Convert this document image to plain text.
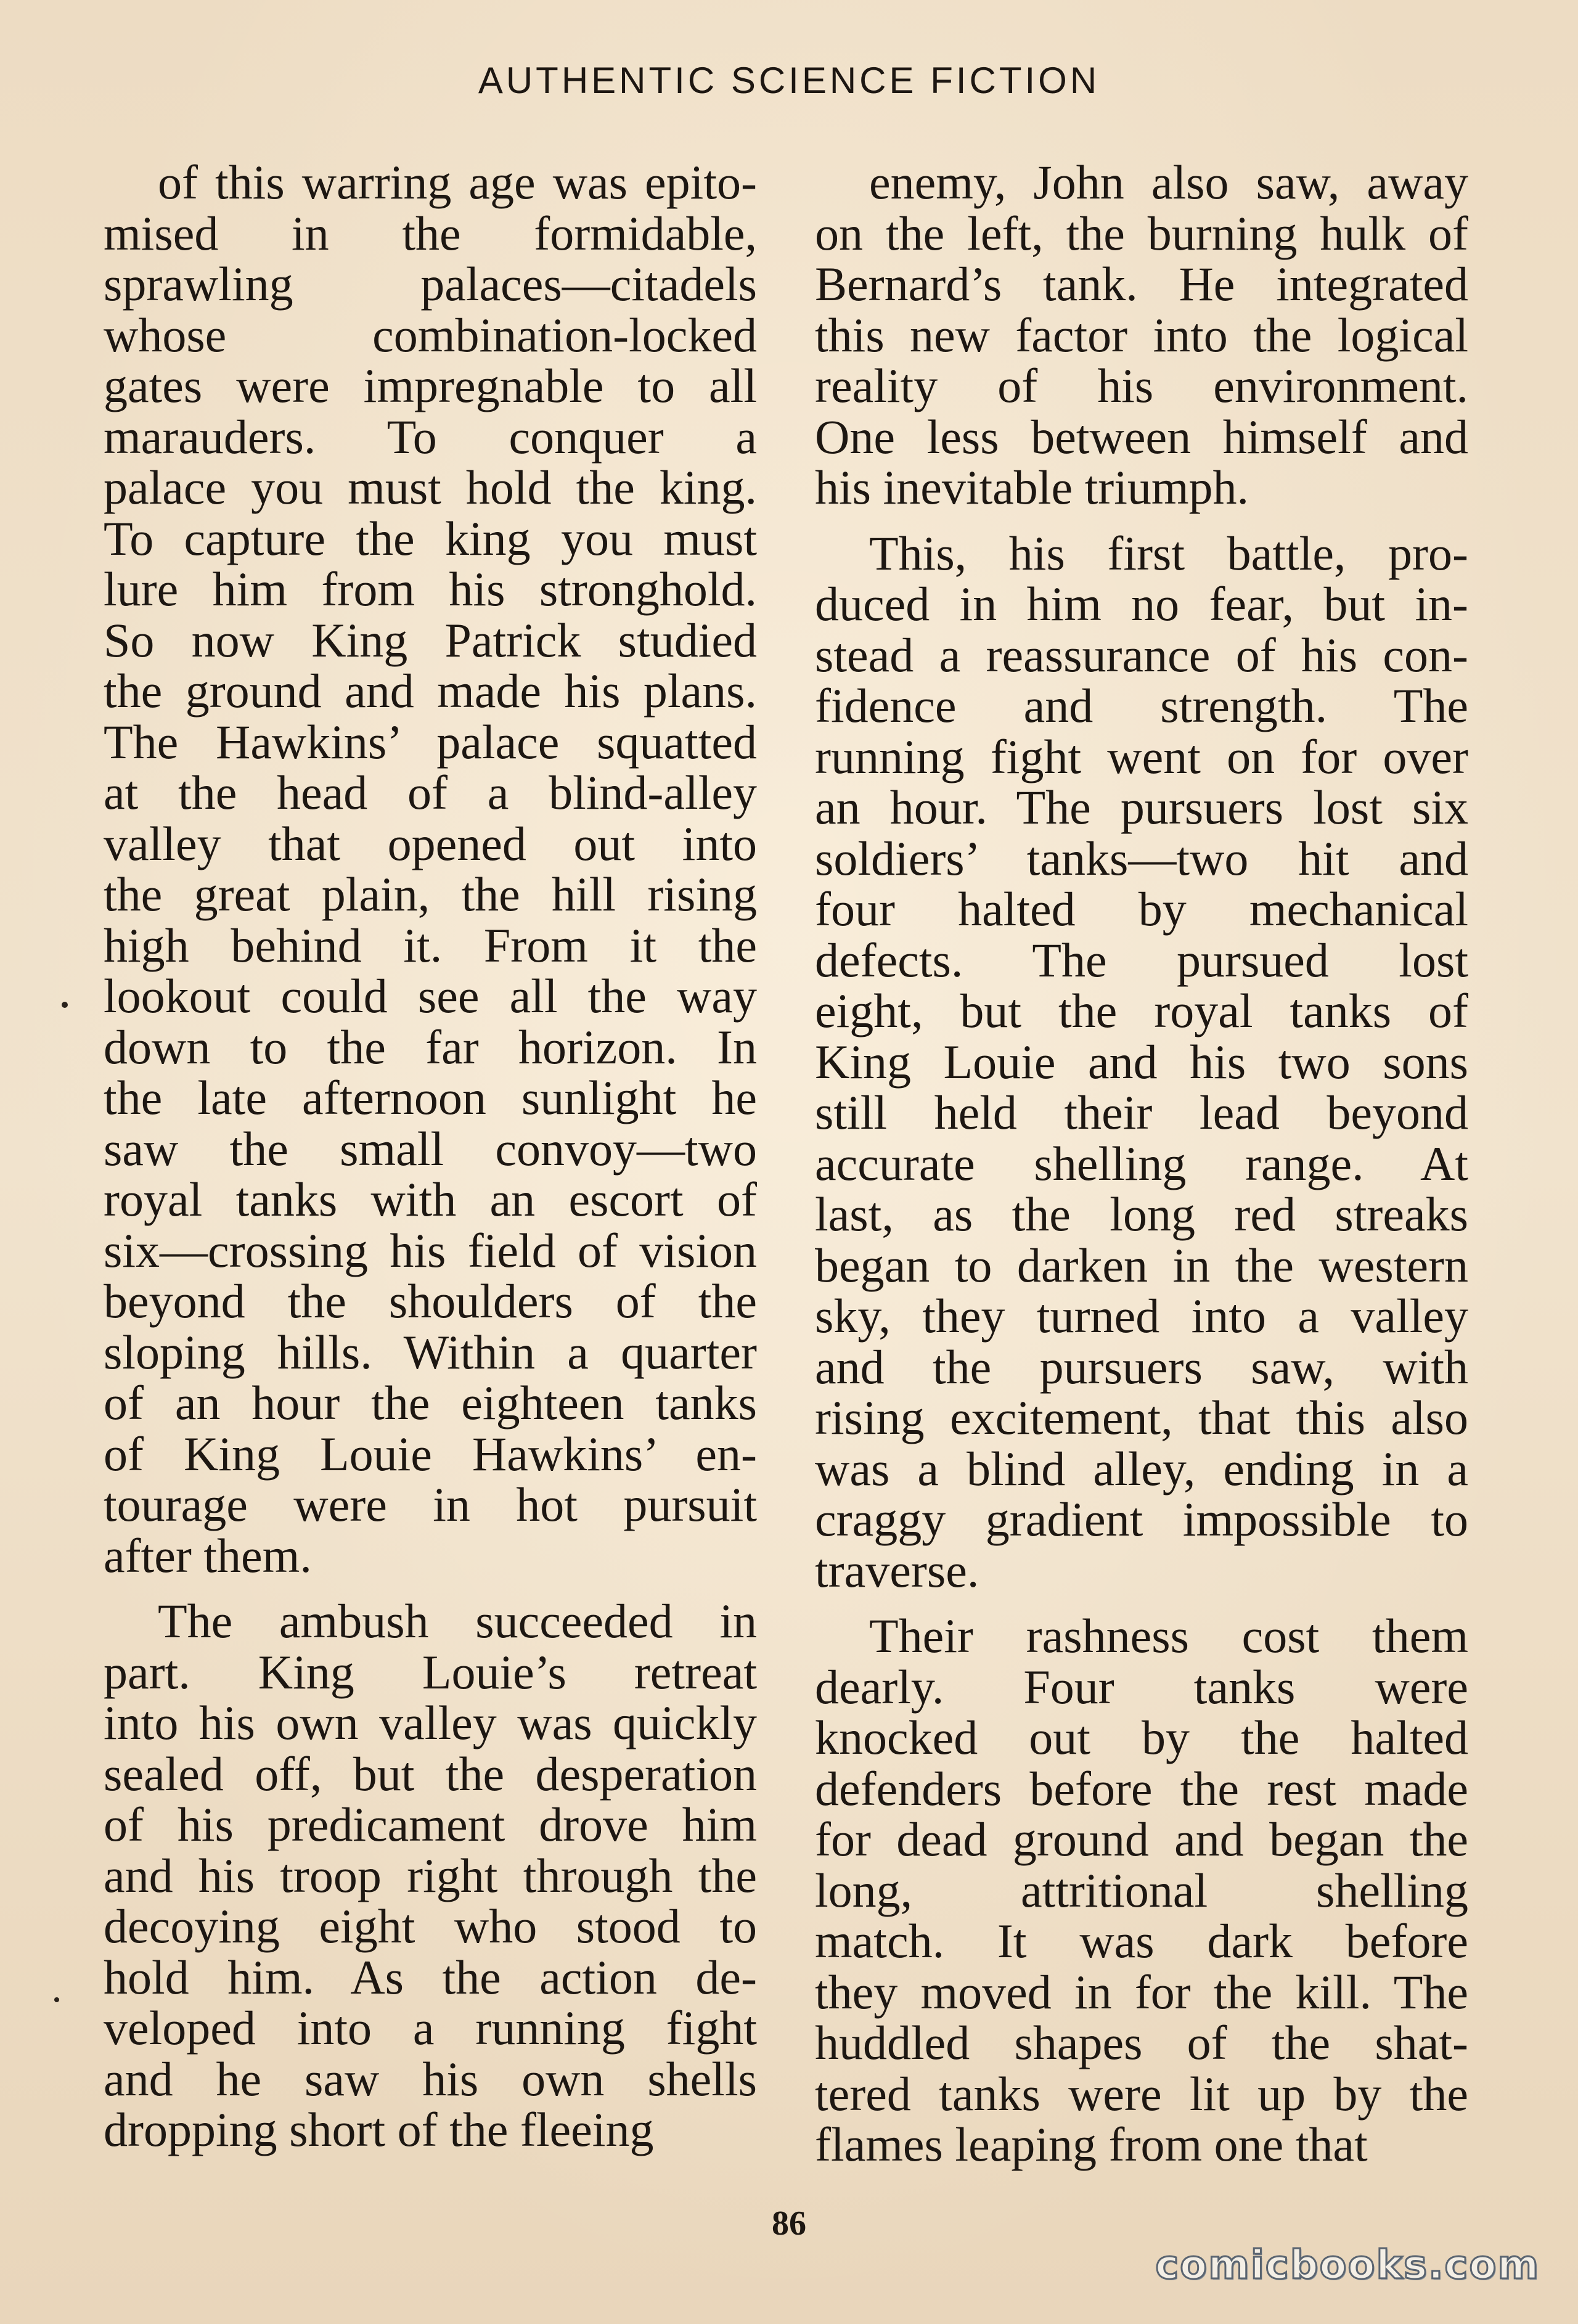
AUTHENTIC SCIENCE FICTION

of this warring age was epito-
mised in the formidable,
sprawling palaces—citadels
whose combination-locked
gates were impregnable to all
marauders. To conquer a
palace you must hold the king.
To capture the king you must
lure him from his stronghold.
So now King Patrick studied
the ground and made his plans.
The Hawkins’ palace squatted
at the head of a blind-alley
valley that opened out into
the great plain, the hill rising
high behind it. From it the
lookout could see all the way
down to the far horizon. In
the late afternoon sunlight he
saw the small convoy—two
royal tanks with an escort of
six—crossing his field of vision
beyond the shoulders of the
sloping hills. Within a quarter
of an hour the eighteen tanks
of King Louie Hawkins’ en-
tourage were in hot pursuit
after them.

The ambush succeeded in
part. King Louie’s retreat
into his own valley was quickly
sealed off, but the desperation
of his predicament drove him
and his troop right through the
decoying eight who stood to
hold him. As the action de-
veloped into a running fight
and he saw his own shells
dropping short of the fleeing

enemy, John also saw, away
on the left, the burning hulk of
Bernard’s tank. He integrated
this new factor into the logical
reality of his environment.
One less between himself and
his inevitable triumph.

This, his first battle, pro-
duced in him no fear, but in-
stead a reassurance of his con-
fidence and strength. The
running fight went on for over
an hour. The pursuers lost six
soldiers’ tanks—two hit and
four halted by mechanical
defects. The pursued lost
eight, but the royal tanks of
King Louie and his two sons
still held their lead beyond
accurate shelling range. At
last, as the long red streaks
began to darken in the western
sky, they turned into a valley
and the pursuers saw, with
rising excitement, that this also
was a blind alley, ending in a
craggy gradient impossible to
traverse.

Their rashness cost them
dearly. Four tanks were
knocked out by the halted
defenders before the rest made
for dead ground and began the
long, attritional shelling
match. It was dark before
they moved in for the kill. The
huddled shapes of the shat-
tered tanks were lit up by the
flames leaping from one that

86
comicbooks.com
